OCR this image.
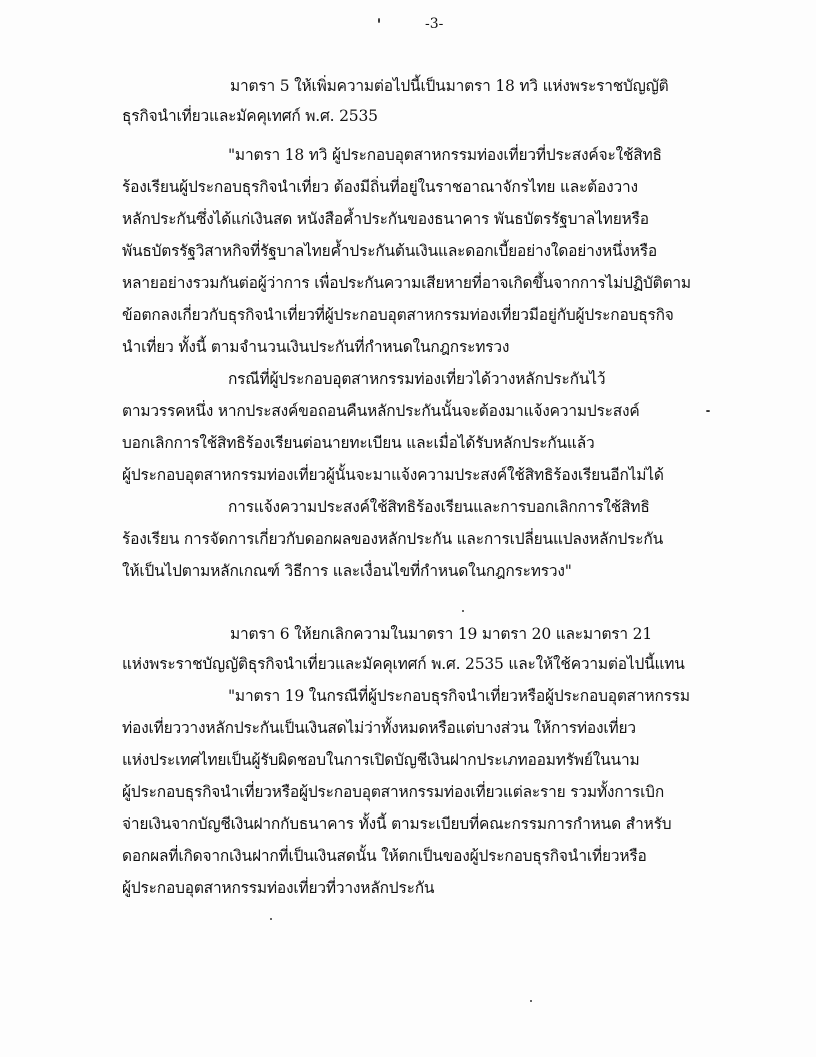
-3-
มาตรา 5 ให้เพิ่มความต่อไปนี้เป็นมาตรา 18 ทวิ แห่งพระราชบัญญัติ
ธุรกิจนำเที่ยวและมัคคุเทศก์ พ.ศ. 2535
"มาตรา 18 ทวิ ผู้ประกอบอุตสาหกรรมท่องเที่ยวที่ประสงค์จะใช้สิทธิ
ร้องเรียนผู้ประกอบธุรกิจนำเที่ยว ต้องมีถิ่นที่อยู่ในราชอาณาจักรไทย และต้องวาง
หลักประกันซึ่งได้แก่เงินสด หนังสือค้ำประกันของธนาคาร พันธบัตรรัฐบาลไทยหรือ
พันธบัตรรัฐวิสาหกิจที่รัฐบาลไทยค้ำประกันต้นเงินและดอกเบี้ยอย่างใดอย่างหนึ่งหรือ
หลายอย่างรวมกันต่อผู้ว่าการ เพื่อประกันความเสียหายที่อาจเกิดขึ้นจากการไม่ปฏิบัติตาม
ข้อตกลงเกี่ยวกับธุรกิจนำเที่ยวที่ผู้ประกอบอุตสาหกรรมท่องเที่ยวมีอยู่กับผู้ประกอบธุรกิจ
นำเที่ยว ทั้งนี้ ตามจำนวนเงินประกันที่กำหนดในกฎกระทรวง
กรณีที่ผู้ประกอบอุตสาหกรรมท่องเที่ยวได้วางหลักประกันไว้
ตามวรรคหนึ่ง หากประสงค์ขอถอนคืนหลักประกันนั้นจะต้องมาแจ้งความประสงค์
บอกเลิกการใช้สิทธิร้องเรียนต่อนายทะเบียน และเมื่อได้รับหลักประกันแล้ว
ผู้ประกอบอุตสาหกรรมท่องเที่ยวผู้นั้นจะมาแจ้งความประสงค์ใช้สิทธิร้องเรียนอีกไม่ได้
การแจ้งความประสงค์ใช้สิทธิร้องเรียนและการบอกเลิกการใช้สิทธิ
ร้องเรียน การจัดการเกี่ยวกับดอกผลของหลักประกัน และการเปลี่ยนแปลงหลักประกัน
ให้เป็นไปตามหลักเกณฑ์ วิธีการ และเงื่อนไขที่กำหนดในกฎกระทรวง"
มาตรา 6 ให้ยกเลิกความในมาตรา 19 มาตรา 20 และมาตรา 21
แห่งพระราชบัญญัติธุรกิจนำเที่ยวและมัคคุเทศก์ พ.ศ. 2535 และให้ใช้ความต่อไปนี้แทน
"มาตรา 19 ในกรณีที่ผู้ประกอบธุรกิจนำเที่ยวหรือผู้ประกอบอุตสาหกรรม
ท่องเที่ยววางหลักประกันเป็นเงินสดไม่ว่าทั้งหมดหรือแต่บางส่วน ให้การท่องเที่ยว
แห่งประเทศไทยเป็นผู้รับผิดชอบในการเปิดบัญชีเงินฝากประเภทออมทรัพย์ในนาม
ผู้ประกอบธุรกิจนำเที่ยวหรือผู้ประกอบอุตสาหกรรมท่องเที่ยวแต่ละราย รวมทั้งการเบิก
จ่ายเงินจากบัญชีเงินฝากกับธนาคาร ทั้งนี้ ตามระเบียบที่คณะกรรมการกำหนด สำหรับ
ดอกผลที่เกิดจากเงินฝากที่เป็นเงินสดนั้น ให้ตกเป็นของผู้ประกอบธุรกิจนำเที่ยวหรือ
ผู้ประกอบอุตสาหกรรมท่องเที่ยวที่วางหลักประกัน
